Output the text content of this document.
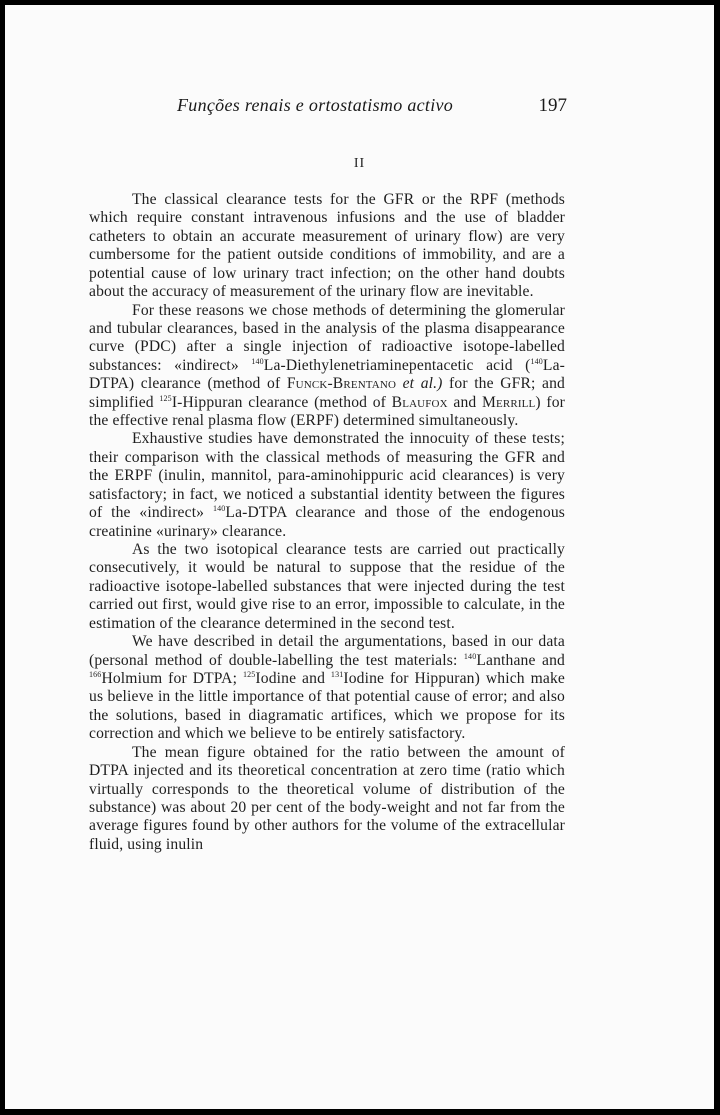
Funções renais e ortostatismo activo	197
II

The classical clearance tests for the GFR or the RPF (methods which require constant intravenous infusions and the use of bladder catheters to obtain an accurate measurement of urinary flow) are very cumbersome for the patient outside conditions of immobility, and are a potential cause of low urinary tract infection; on the other hand doubts about the accuracy of measurement of the urinary flow are inevitable.

For these reasons we chose methods of determining the glomerular and tubular clearances, based in the analysis of the plasma disappearance curve (PDC) after a single injection of radioactive isotope-labelled substances: «indirect» $^{140}$La-Diethylenetriaminepentacetic acid ($^{140}$La-DTPA) clearance (method of Funck-Brentano et al.) for the GFR; and simplified $^{125}$I-Hippuran clearance (method of Blaufox and Merrill) for the effective renal plasma flow (ERPF) determined simultaneously.

Exhaustive studies have demonstrated the innocuity of these tests; their comparison with the classical methods of measuring the GFR and the ERPF (inulin, mannitol, para-aminohippuric acid clearances) is very satisfactory; in fact, we noticed a substantial identity between the figures of the «indirect» $^{140}$La-DTPA clearance and those of the endogenous creatinine «urinary» clearance.

As the two isotopical clearance tests are carried out practically consecutively, it would be natural to suppose that the residue of the radioactive isotope-labelled substances that were injected during the test carried out first, would give rise to an error, impossible to calculate, in the estimation of the clearance determined in the second test.

We have described in detail the argumentations, based in our data (personal method of double-labelling the test materials: $^{140}$Lanthane and $^{166}$Holmium for DTPA; $^{125}$Iodine and $^{131}$Iodine for Hippuran) which make us believe in the little importance of that potential cause of error; and also the solutions, based in diagramatic artifices, which we propose for its correction and which we believe to be entirely satisfactory.

The mean figure obtained for the ratio between the amount of DTPA injected and its theoretical concentration at zero time (ratio which virtually corresponds to the theoretical volume of distribution of the substance) was about 20 per cent of the body-weight and not far from the average figures found by other authors for the volume of the extracellular fluid, using inulin
